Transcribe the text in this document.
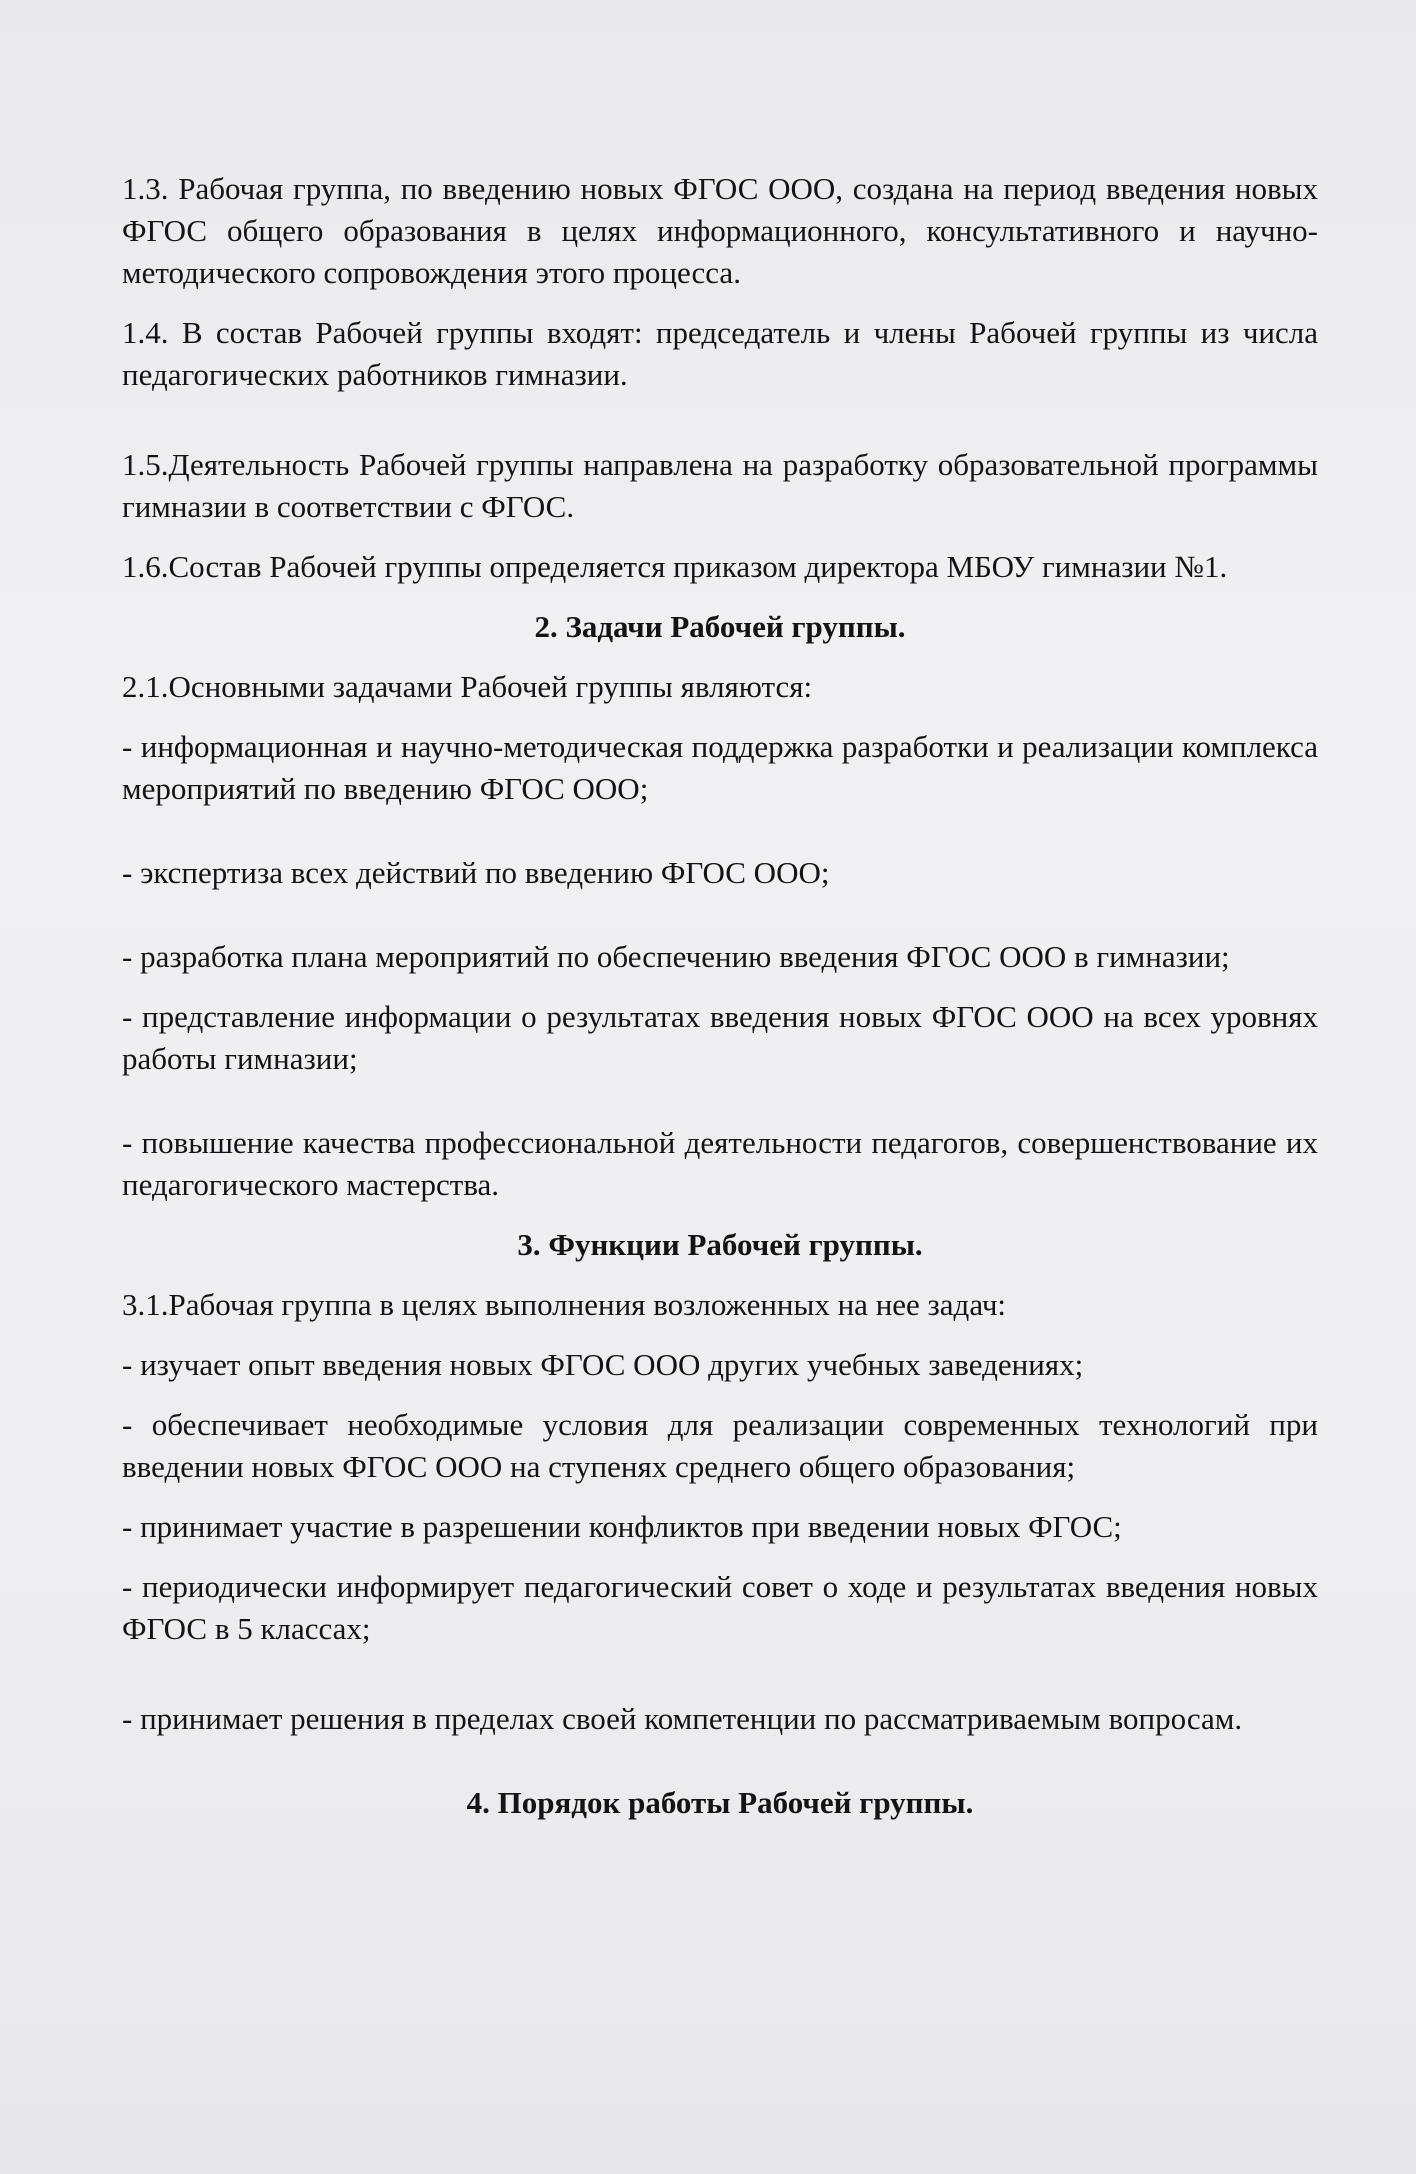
1.3. Рабочая группа, по введению новых ФГОС ООО, создана на период введения новых ФГОС общего образования в целях информационного, консультативного и научно-методического сопровождения этого процесса.

1.4. В состав Рабочей группы входят: председатель и члены Рабочей группы из числа педагогических работников гимназии.

1.5.Деятельность Рабочей группы направлена на разработку образовательной программы гимназии в соответствии с ФГОС.

1.6.Состав Рабочей группы определяется приказом директора МБОУ гимназии №1.

2. Задачи Рабочей группы.

2.1.Основными задачами Рабочей группы являются:

- информационная и научно-методическая поддержка разработки и реализации комплекса мероприятий по введению ФГОС ООО;

- экспертиза всех действий по введению ФГОС ООО;

- разработка плана мероприятий по обеспечению введения ФГОС ООО в гимназии;

- представление информации о результатах введения новых ФГОС ООО на всех уровнях работы гимназии;

- повышение качества профессиональной деятельности педагогов, совершенствование их педагогического мастерства.

3. Функции Рабочей группы.

3.1.Рабочая группа в целях выполнения возложенных на нее задач:

- изучает опыт введения новых ФГОС ООО других учебных заведениях;

- обеспечивает необходимые условия для реализации современных технологий при введении новых ФГОС ООО на ступенях среднего общего образования;

- принимает участие в разрешении конфликтов при введении новых ФГОС;

- периодически информирует педагогический совет о ходе и результатах введения новых ФГОС в 5 классах;

- принимает решения в пределах своей компетенции по рассматриваемым вопросам.

4. Порядок работы Рабочей группы.
